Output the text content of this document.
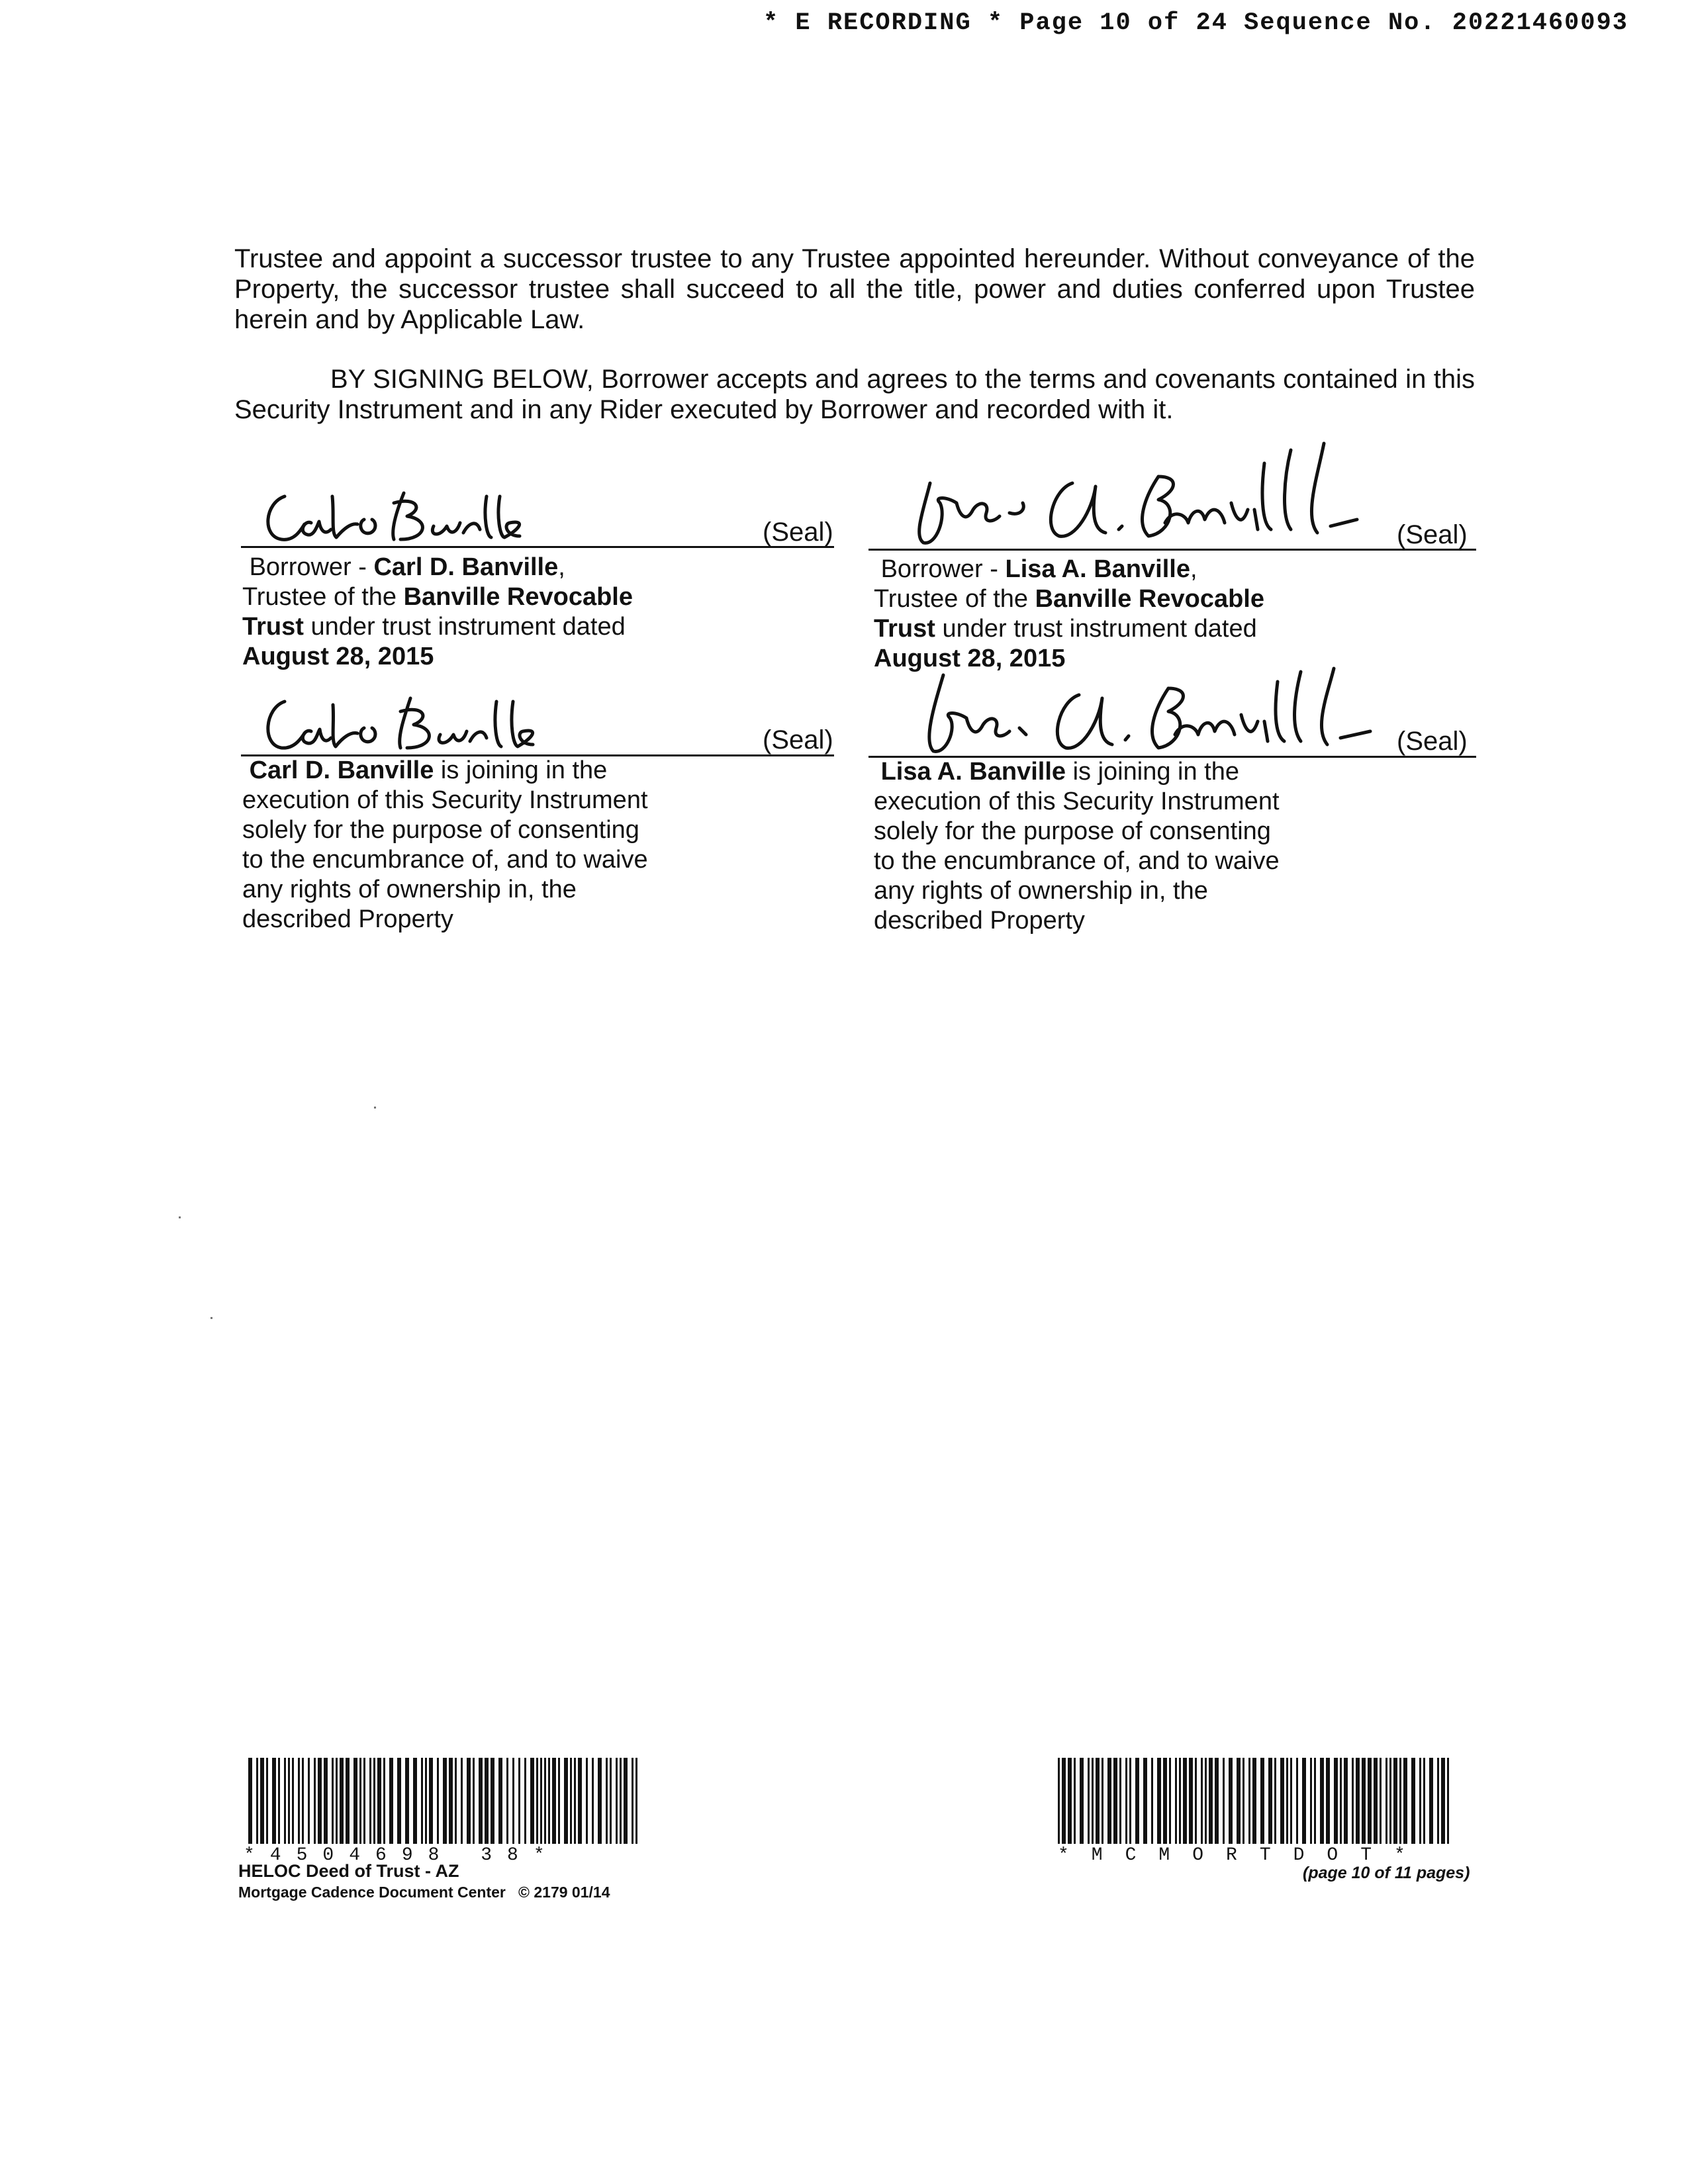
* E RECORDING * Page 10 of 24 Sequence No. 20221460093
Trustee and appoint a successor trustee to any Trustee appointed hereunder. Without conveyance of the Property, the successor trustee shall succeed to all the title, power and duties conferred upon Trustee herein and by Applicable Law.
BY SIGNING BELOW, Borrower accepts and agrees to the terms and covenants contained in this Security Instrument and in any Rider executed by Borrower and recorded with it.
(Seal)	(Seal)
Borrower - Carl D. Banville,
Trustee of the Banville Revocable
Trust under trust instrument dated
August 28, 2015
Borrower - Lisa A. Banville,
Trustee of the Banville Revocable
Trust under trust instrument dated
August 28, 2015
(Seal)	(Seal)
Carl D. Banville is joining in the
execution of this Security Instrument
solely for the purpose of consenting
to the encumbrance of, and to waive
any rights of ownership in, the
described Property
Lisa A. Banville is joining in the
execution of this Security Instrument
solely for the purpose of consenting
to the encumbrance of, and to waive
any rights of ownership in, the
described Property
*4504698 38*
HELOC Deed of Trust - AZ
Mortgage Cadence Document Center © 2179 01/14
*MCMORTDOT*
(page 10 of 11 pages)
